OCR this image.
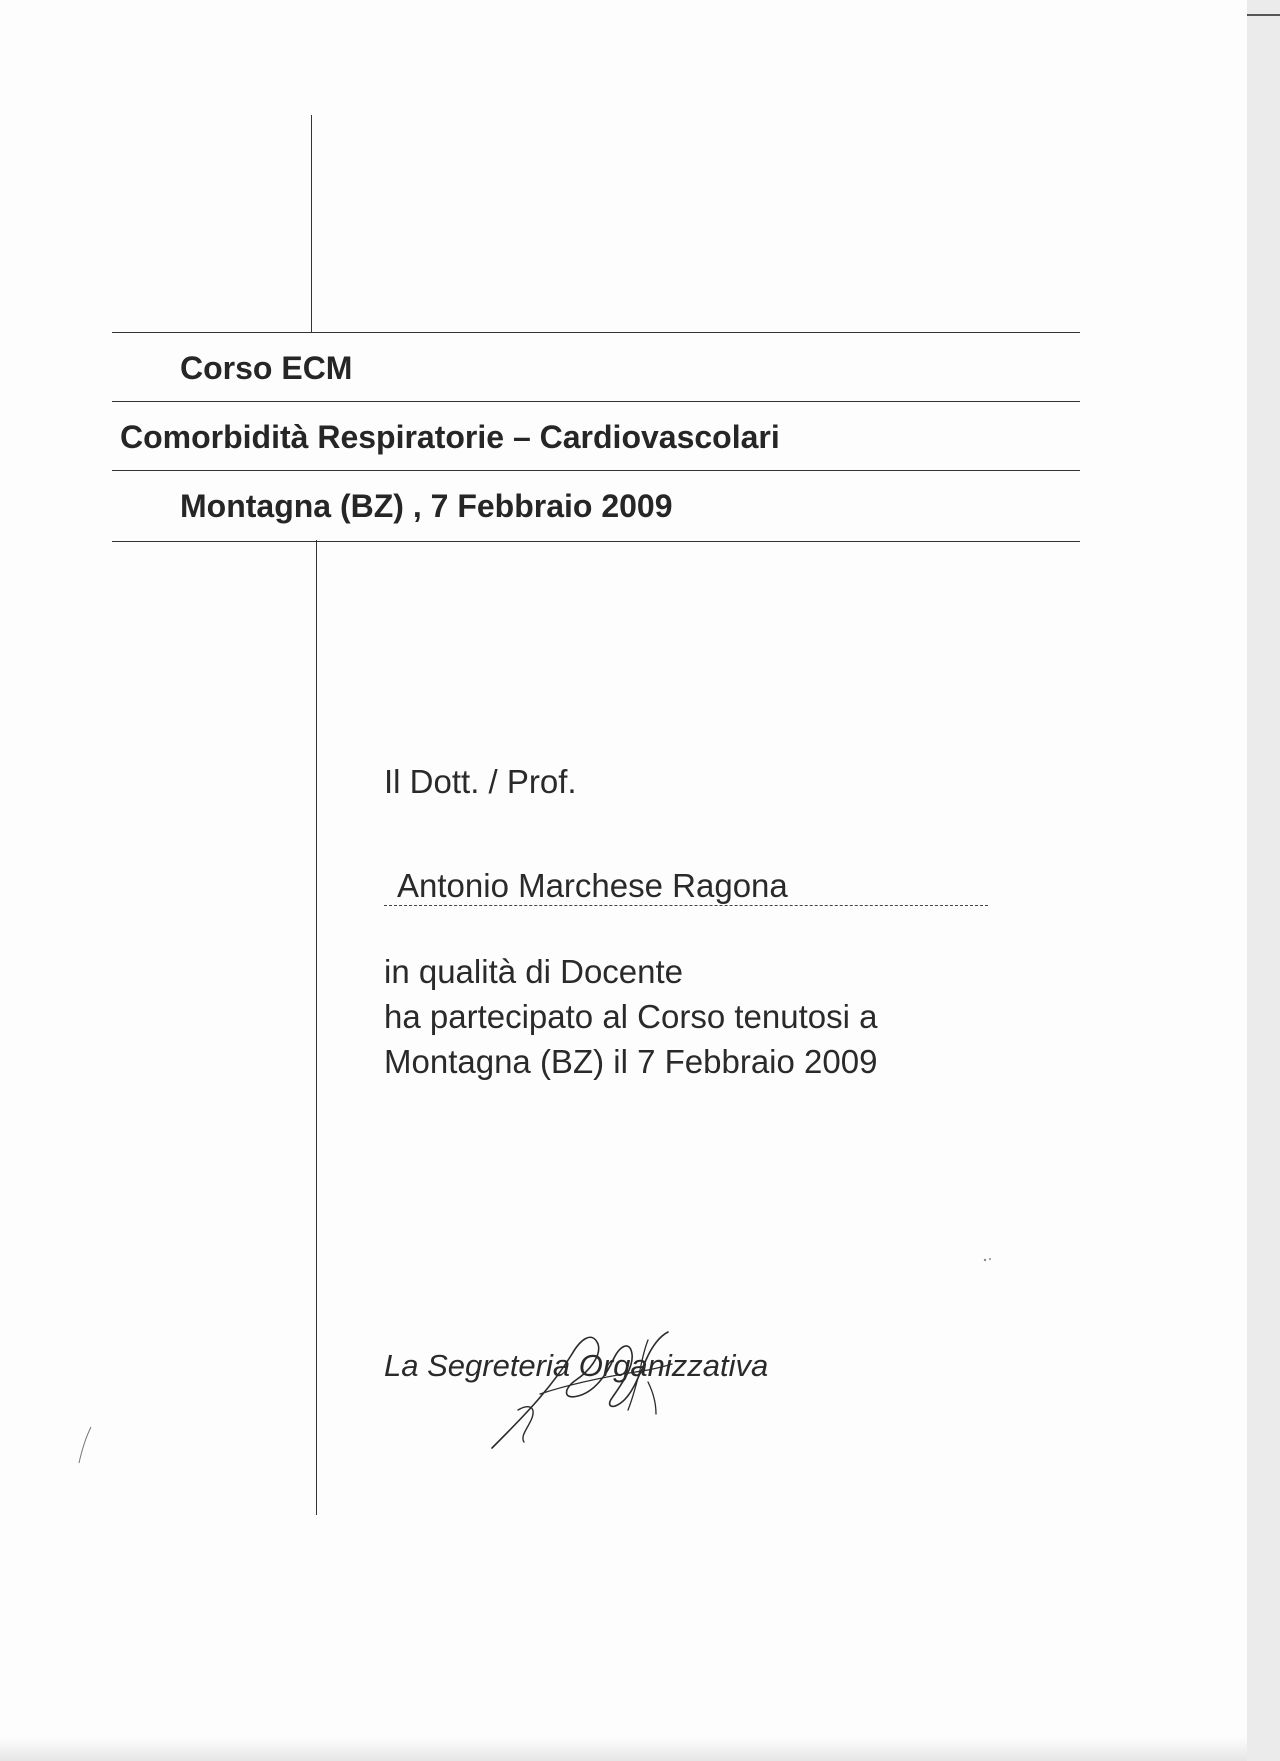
Corso ECM
Comorbidità Respiratorie – Cardiovascolari
Montagna (BZ) , 7 Febbraio 2009
Il Dott. / Prof.
Antonio Marchese Ragona
in qualità di Docente
ha partecipato al Corso tenutosi a
Montagna (BZ) il 7 Febbraio 2009
La Segreteria Organizzativa
